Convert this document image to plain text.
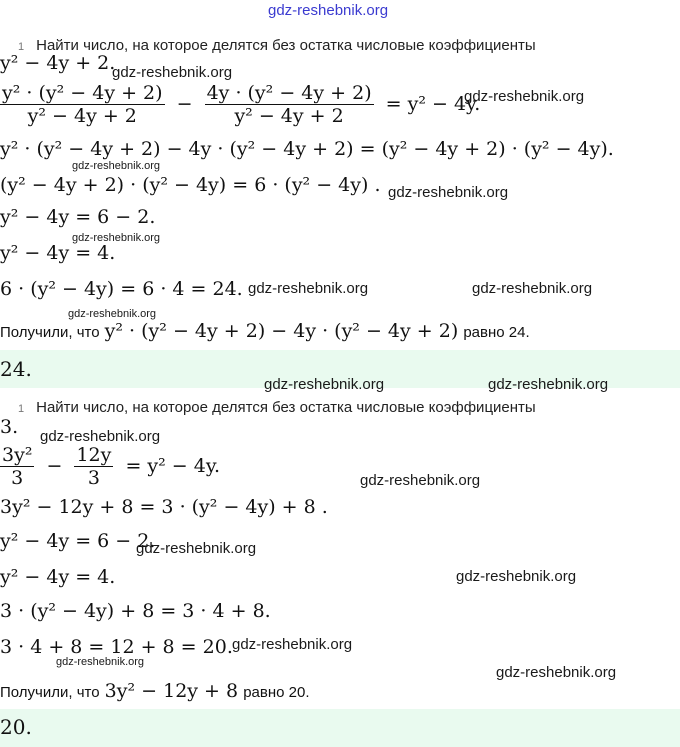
gdz-reshebnik.org
1 Найти число, на которое делятся без остатка числовые коэффициенты
y² − 4y + 2.
$\frac{\text{y² · (y² − 4y + 2)}}{\text{y² − 4y + 2}} - \frac{\text{4y · (y² − 4y + 2)}}{\text{y² − 4y + 2}} = y^2 - 4y$.
y² · (y² − 4y + 2) − 4y · (y² − 4y + 2) = (y² − 4y + 2) · (y² − 4y).
(y² − 4y + 2) · (y² − 4y) = 6 · (y² − 4y) .
y² − 4y = 6 − 2.
y² − 4y = 4.
6 · (y² − 4y) = 6 · 4 = 24.
Получили, что y² · (y² − 4y + 2) − 4y · (y² − 4y + 2) равно 24.
24.
1 Найти число, на которое делятся без остатка числовые коэффициенты
3.
$\frac{\text{3y²}}{3} - \frac{12y}{3} = y^2 - 4y$.
3y² − 12y + 8 = 3 · (y² − 4y) + 8 .
y² − 4y = 6 − 2.
y² − 4y = 4.
3 · (y² − 4y) + 8 = 3 · 4 + 8.
3 · 4 + 8 = 12 + 8 = 20.
Получили, что 3y² − 12y + 8 равно 20.
20.
gdz-reshebnik.org
gdz-reshebnik.org
gdz-reshebnik.org
gdz-reshebnik.org
gdz-reshebnik.org
gdz-reshebnik.org	gdz-reshebnik.org
gdz-reshebnik.org
gdz-reshebnik.org	gdz-reshebnik.org
gdz-reshebnik.org
gdz-reshebnik.org
gdz-reshebnik.org
gdz-reshebnik.org
gdz-reshebnik.org
gdz-reshebnik.org
gdz-reshebnik.org
